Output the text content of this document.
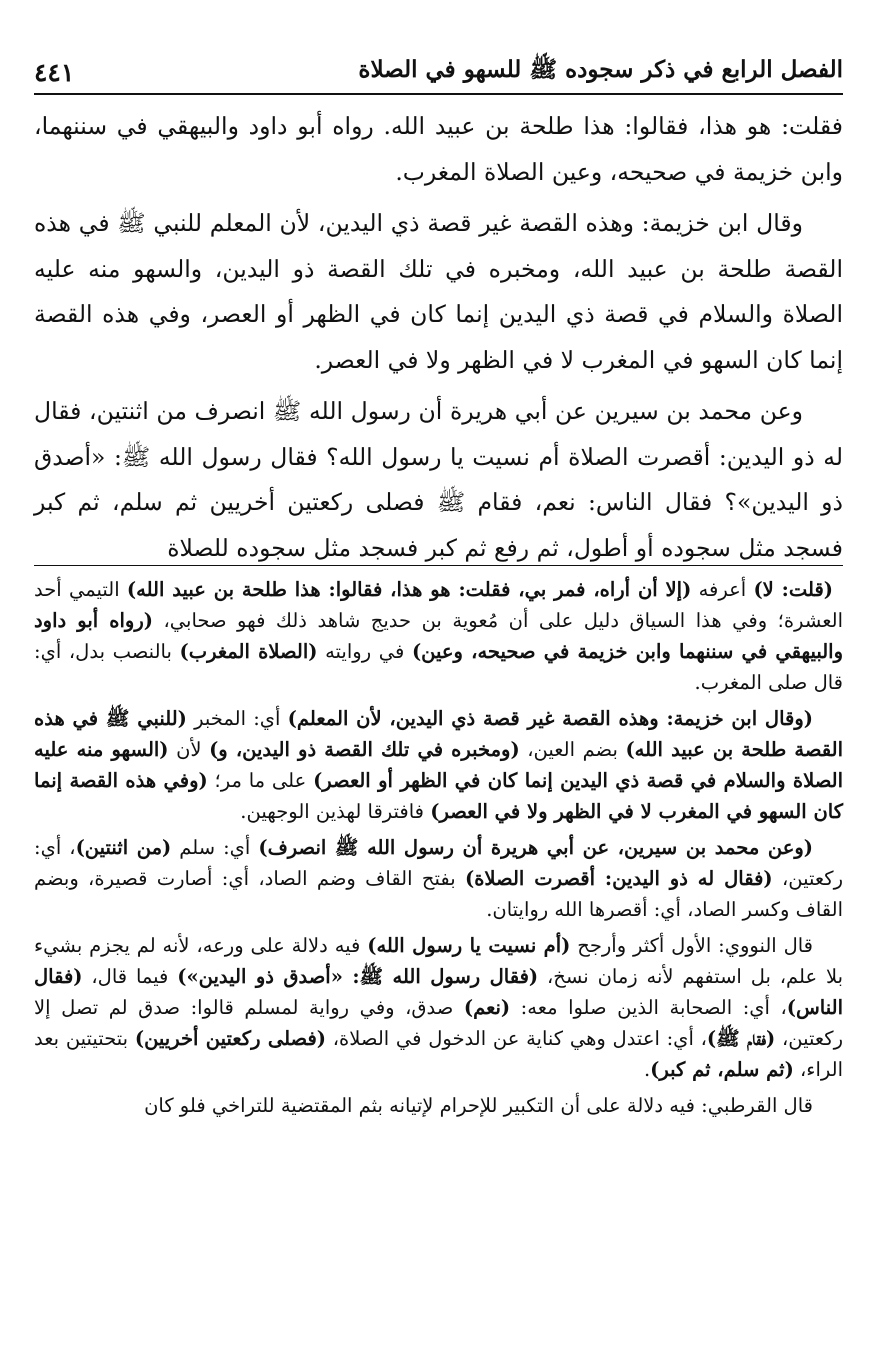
الفصل الرابع في ذكر سجوده ﷺ للسهو في الصلاة
٤٤١

فقلت: هو هذا، فقالوا: هذا طلحة بن عبيد الله. رواه أبو داود والبيهقي في سننهما، وابن خزيمة في صحيحه، وعين الصلاة المغرب.

وقال ابن خزيمة: وهذه القصة غير قصة ذي اليدين، لأن المعلم للنبي ﷺ في هذه القصة طلحة بن عبيد الله، ومخبره في تلك القصة ذو اليدين، والسهو منه عليه الصلاة والسلام في قصة ذي اليدين إنما كان في الظهر أو العصر، وفي هذه القصة إنما كان السهو في المغرب لا في الظهر ولا في العصر.

وعن محمد بن سيرين عن أبي هريرة أن رسول الله ﷺ انصرف من اثنتين، فقال له ذو اليدين: أقصرت الصلاة أم نسيت يا رسول الله؟ فقال رسول الله ﷺ: «أصدق ذو اليدين»؟ فقال الناس: نعم، فقام ﷺ فصلى ركعتين أخريين ثم سلم، ثم كبر فسجد مثل سجوده أو أطول، ثم رفع ثم كبر فسجد مثل سجوده للصلاة

(قلت: لا) أعرفه (إلا أن أراه، فمر بي، فقلت: هو هذا، فقالوا: هذا طلحة بن عبيد الله) التيمي أحد العشرة؛ وفي هذا السياق دليل على أن مُعوية بن حديج شاهد ذلك فهو صحابي، (رواه أبو داود والبيهقي في سننهما وابن خزيمة في صحيحه، وعين) في روايته (الصلاة المغرب) بالنصب بدل، أي: قال صلى المغرب.

(وقال ابن خزيمة: وهذه القصة غير قصة ذي اليدين، لأن المعلم) أي: المخبر (للنبي ﷺ في هذه القصة طلحة بن عبيد الله) بضم العين، (ومخبره في تلك القصة ذو اليدين، و) لأن (السهو منه عليه الصلاة والسلام في قصة ذي اليدين إنما كان في الظهر أو العصر) على ما مر؛ (وفي هذه القصة إنما كان السهو في المغرب لا في الظهر ولا في العصر) فافترقا لهذين الوجهين.

(وعن محمد بن سيرين، عن أبي هريرة أن رسول الله ﷺ انصرف) أي: سلم (من اثنتين)، أي: ركعتين، (فقال له ذو اليدين: أقصرت الصلاة) بفتح القاف وضم الصاد، أي: أصارت قصيرة، وبضم القاف وكسر الصاد، أي: أقصرها الله روايتان.

قال النووي: الأول أكثر وأرجح (أم نسيت يا رسول الله) فيه دلالة على ورعه، لأنه لم يجزم بشيء بلا علم، بل استفهم لأنه زمان نسخ، (فقال رسول الله ﷺ: «أصدق ذو اليدين») فيما قال، (فقال الناس)، أي: الصحابة الذين صلوا معه: (نعم) صدق، وفي رواية لمسلم قالوا: صدق لم تصل إلا ركعتين، (فقام ﷺ)، أي: اعتدل وهي كناية عن الدخول في الصلاة، (فصلى ركعتين أخريين) بتحتيتين بعد الراء، (ثم سلم، ثم كبر).

قال القرطبي: فيه دلالة على أن التكبير للإحرام لإتيانه بثم المقتضية للتراخي فلو كان
